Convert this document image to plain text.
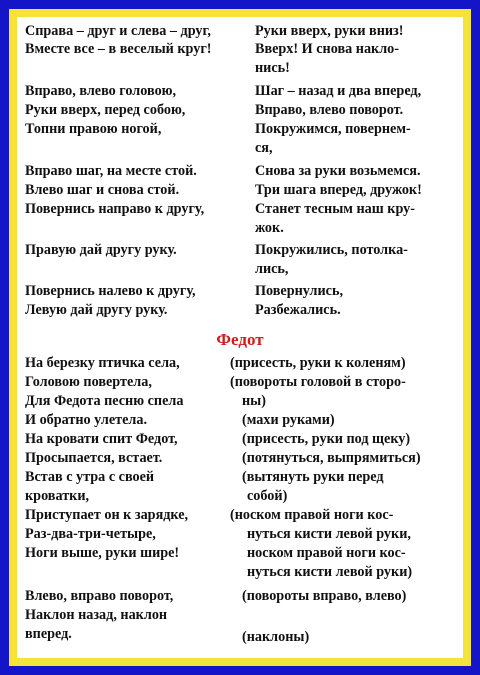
Справа – друг и слева – друг,
Вместе все – в веселый круг!
Вправо, влево головою,
Руки вверх, перед собою,
Топни правою ногой,
Вправо шаг, на месте стой.
Влево шаг и снова стой.
Повернись направо к другу,
Правую дай другу руку.
Повернись налево к другу,
Левую дай другу руку.
Руки вверх, руки вниз!
Вверх! И снова накло-
нись!
Шаг – назад и два вперед,
Вправо, влево поворот.
Покружимся, повернем-
ся,
Снова за руки возьмемся.
Три шага вперед, дружок!
Станет тесным наш кру-
жок.
Покружились, потолка-
лись,
Повернулись,
Разбежались.
Федот
На березку птичка села,
Головою повертела,
Для Федота песню спела
И обратно улетела.
На кровати спит Федот,
Просыпается, встает.
Встав с утра с своей
кроватки,
Приступает он к зарядке,
Раз-два-три-четыре,
Ноги выше, руки шире!
Влево, вправо поворот,
Наклон назад, наклон
вперед.
(присесть, руки к коленям)
(повороты головой в сторо-
ны)
(махи руками)
(присесть, руки под щеку)
(потянуться, выпрямиться)
(вытянуть руки перед
собой)
(носком правой ноги кос-
нуться кисти левой руки,
носком правой ноги кос-
нуться кисти левой руки)
(повороты вправо, влево)
(наклоны)
